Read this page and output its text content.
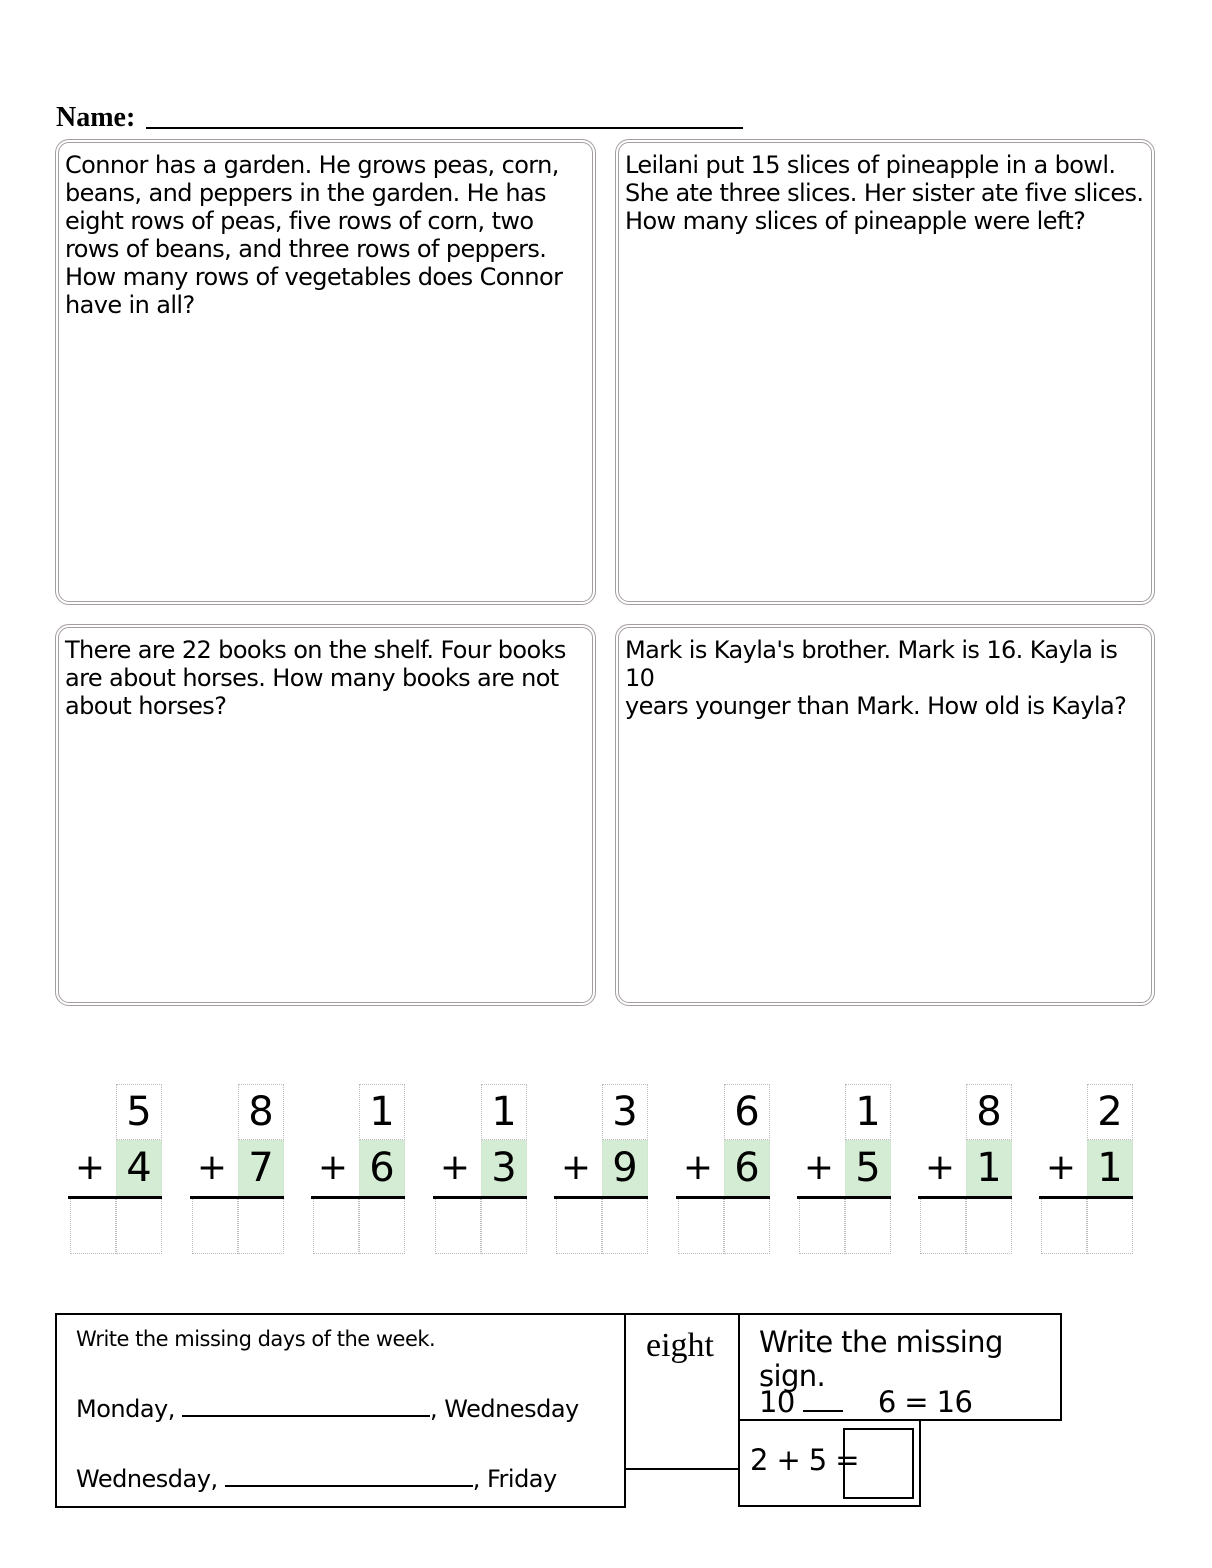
Name:
Connor has a garden. He grows peas, corn,
beans, and peppers in the garden. He has
eight rows of peas, five rows of corn, two
rows of beans, and three rows of peppers.
How many rows of vegetables does Connor
have in all?
Leilani put 15 slices of pineapple in a bowl.
She ate three slices. Her sister ate five slices.
How many slices of pineapple were left?
There are 22 books on the shelf. Four books
are about horses. How many books are not
about horses?
Mark is Kayla's brother. Mark is 16. Kayla is 10
years younger than Mark. How old is Kayla?
5
+ 4
8
+ 7
1
+ 6
1
+ 3
3
+ 9
6
+ 6
1
+ 5
8
+ 1
2
+ 1
Write the missing days of the week.
Monday,	, Wednesday
Wednesday,	, Friday
eight	Write the missing sign.
10	6 = 16
2 + 5 =
